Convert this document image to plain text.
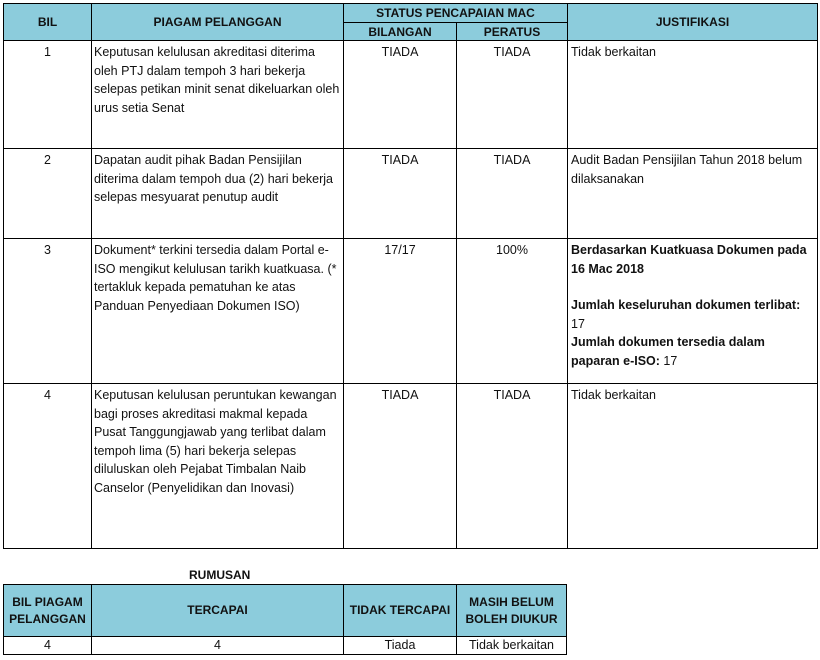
BIL	PIAGAM PELANGGAN	STATUS PENCAPAIAN MAC		JUSTIFIKASI
		BILANGAN	PERATUS	
1	Keputusan kelulusan akreditasi diterima oleh PTJ dalam tempoh 3 hari bekerja selepas petikan minit senat dikeluarkan oleh urus setia Senat	TIADA	TIADA	Tidak berkaitan
2	Dapatan audit pihak Badan Pensijilan diterima dalam tempoh dua (2) hari bekerja selepas mesyuarat penutup audit	TIADA	TIADA	Audit Badan Pensijilan Tahun 2018 belum dilaksanakan
3	Dokument* terkini tersedia dalam Portal e-ISO mengikut kelulusan tarikh kuatkuasa. (* tertakluk kepada pematuhan ke atas Panduan Penyediaan Dokumen ISO)	17/17	100%	Berdasarkan Kuatkuasa Dokumen pada 16 Mac 2018
Jumlah keseluruhan dokumen terlibat: 17
Jumlah dokumen tersedia dalam paparan e-ISO: 17

4	Keputusan kelulusan peruntukan kewangan bagi proses akreditasi makmal kepada Pusat Tanggungjawab yang terlibat dalam tempoh lima (5) hari bekerja selepas diluluskan oleh Pejabat Timbalan Naib Canselor (Penyelidikan dan Inovasi)	TIADA	TIADA	Tidak berkaitan
RUMUSAN
BIL PIAGAM PELANGGAN	TERCAPAI	TIDAK TERCAPAI	MASIH BELUM BOLEH DIUKUR
4	4	Tiada	Tidak berkaitan
